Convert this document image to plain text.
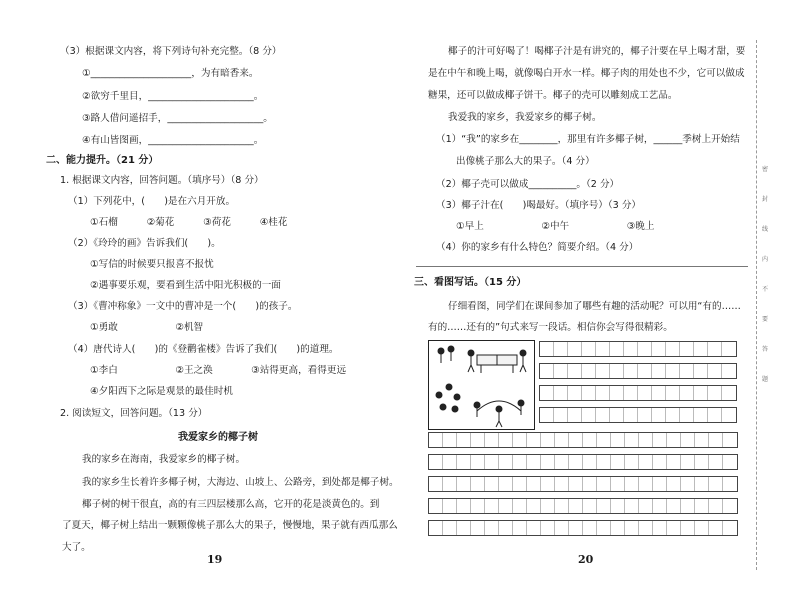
（3）根据课文内容，将下列诗句补充完整。（8 分）
①_____________________，为有暗香来。
②欲穷千里目，______________________。
③路人借问遥招手，____________________。
④有山皆图画，______________________。
二、能力提升。（21 分）
1. 根据课文内容，回答问题。（填序号）（8 分）
（1）下列花中，(　　)是在六月开放。
①石榴　　　②菊花　　　③荷花　　　④桂花
（2）《玲玲的画》告诉我们(　　)。
①写信的时候要只报喜不报忧
②遇事要乐观，要看到生活中阳光积极的一面
（3）《曹冲称象》一文中的曹冲是一个(　　)的孩子。
①勇敢　　　　　　②机智
（4）唐代诗人(　　)的《登鹳雀楼》告诉了我们(　　)的道理。
①李白　　　　　　②王之涣　　　　③站得更高，看得更远
④夕阳西下之际是观景的最佳时机
2. 阅读短文，回答问题。（13 分）
我爱家乡的椰子树
我的家乡在海南，我爱家乡的椰子树。
我的家乡生长着许多椰子树，大海边、山坡上、公路旁，到处都是椰子树。
椰子树的树干很直，高的有三四层楼那么高，它开的花是淡黄色的。到
了夏天，椰子树上结出一颗颗像桃子那么大的果子，慢慢地，果子就有西瓜那么
大了。
19
椰子的汁可好喝了！喝椰子汁是有讲究的，椰子汁要在早上喝才甜，要
是在中午和晚上喝，就像喝白开水一样。椰子肉的用处也不少，它可以做成
糖果，还可以做成椰子饼干。椰子的壳可以雕刻成工艺品。
我爱我的家乡，我爱家乡的椰子树。
（1）“我”的家乡在________，那里有许多椰子树，______季树上开始结
出像桃子那么大的果子。（4 分）
（2）椰子壳可以做成__________。（2 分）
（3）椰子汁在(　　)喝最好。（填序号）（3 分）
①早上　　　　　　②中午　　　　　　③晚上
（4）你的家乡有什么特色？简要介绍。（4 分）
三、看图写话。（15 分）
仔细看图，同学们在课间参加了哪些有趣的活动呢？可以用“有的……
有的……还有的”句式来写一段话。相信你会写得很精彩。
20
密
封
线
内
不
要
答
题
